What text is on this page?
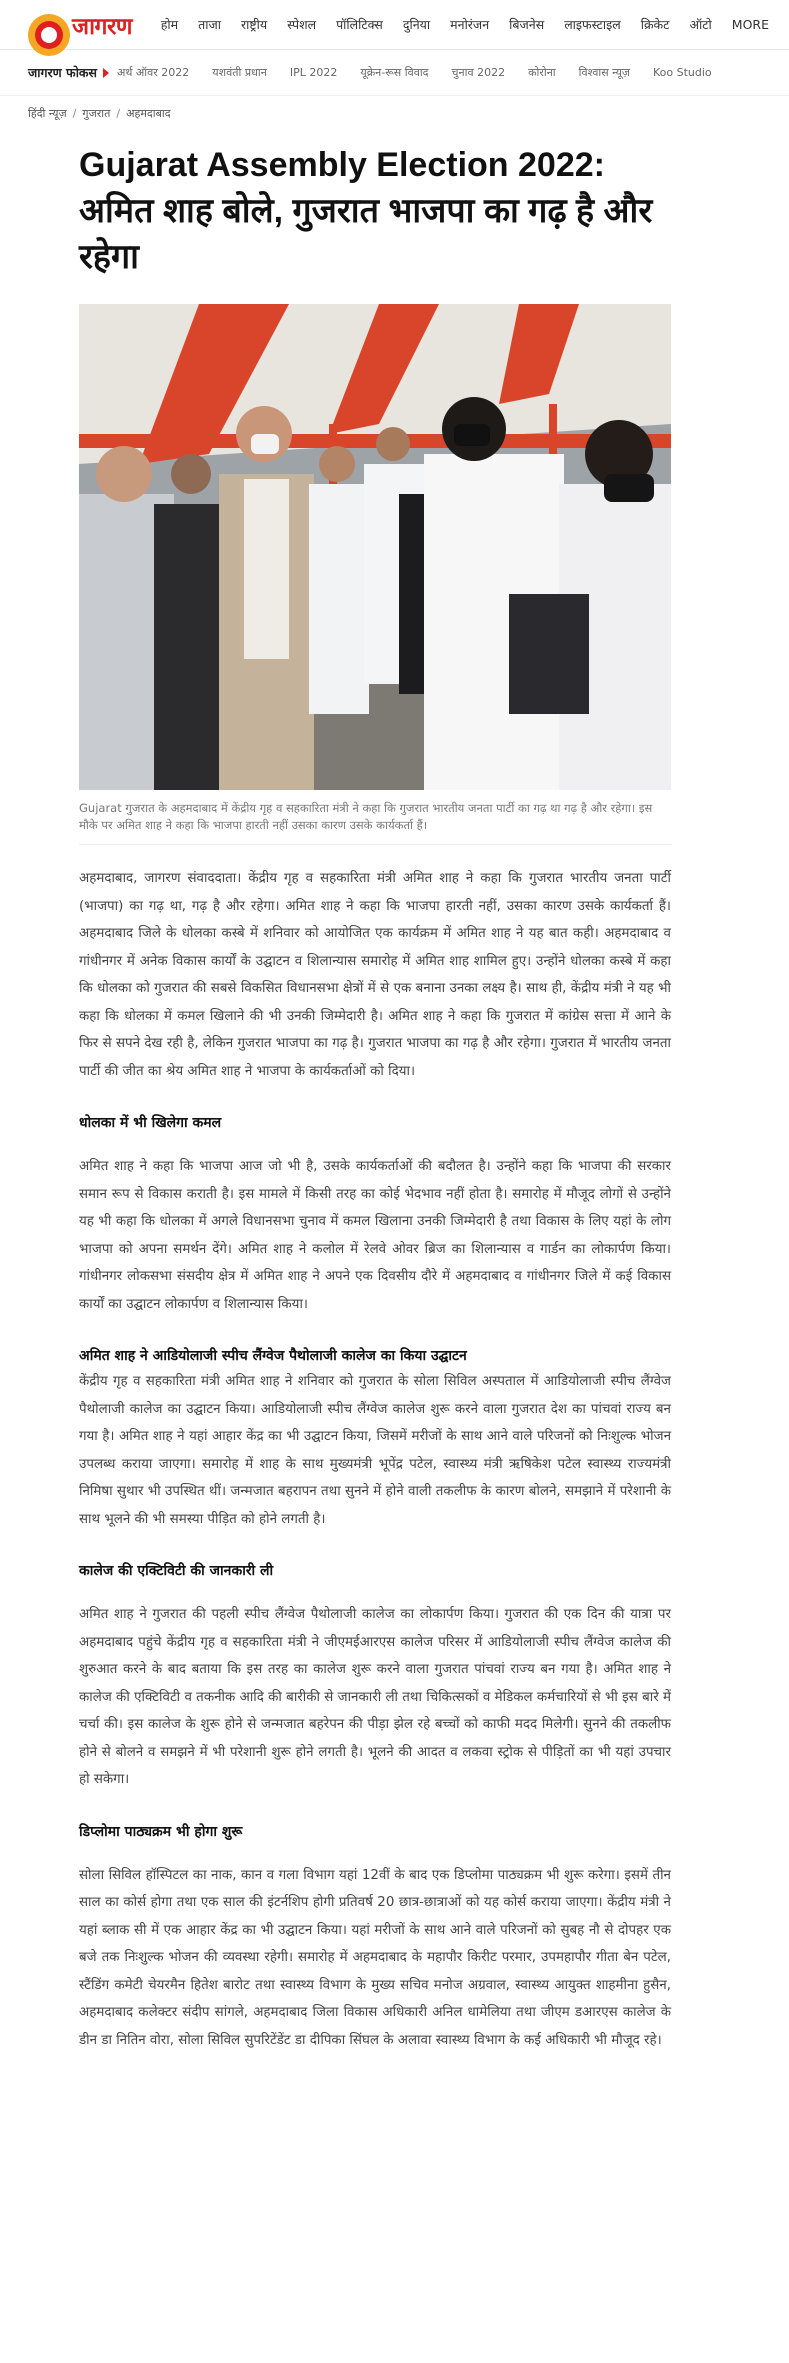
जागरण होम ताजा राष्ट्रीय स्पेशल पॉलिटिक्स दुनिया मनोरंजन बिजनेस लाइफस्टाइल क्रिकेट ऑटो MORE
जागरण फोकस अर्थ ऑवर 2022 यशवंती प्रधान IPL 2022 यूक्रेन-रूस विवाद चुनाव 2022 कोरोना विश्वास न्यूज़ Koo Studio
हिंदी न्यूज़ / गुजरात / अहमदाबाद
Gujarat Assembly Election 2022: अमित शाह बोले, गुजरात भाजपा का गढ़ है और रहेगा

Gujarat गुजरात के अहमदाबाद में केंद्रीय गृह व सहकारिता मंत्री ने कहा कि गुजरात भारतीय जनता पार्टी का गढ़ था गढ़ है और रहेगा। इस मौके पर अमित शाह ने कहा कि भाजपा हारती नहीं उसका कारण उसके कार्यकर्ता हैं।

अहमदाबाद, जागरण संवाददाता। केंद्रीय गृह व सहकारिता मंत्री अमित शाह ने कहा कि गुजरात भारतीय जनता पार्टी (भाजपा) का गढ़ था, गढ़ है और रहेगा। अमित शाह ने कहा कि भाजपा हारती नहीं, उसका कारण उसके कार्यकर्ता हैं। अहमदाबाद जिले के धोलका कस्बे में शनिवार को आयोजित एक कार्यक्रम में अमित शाह ने यह बात कही। अहमदाबाद व गांधीनगर में अनेक विकास कार्यों के उद्घाटन व शिलान्यास समारोह में अमित शाह शामिल हुए। उन्होंने धोलका कस्बे में कहा कि धोलका को गुजरात की सबसे विकसित विधानसभा क्षेत्रों में से एक बनाना उनका लक्ष्य है। साथ ही, केंद्रीय मंत्री ने यह भी कहा कि धोलका में कमल खिलाने की भी उनकी जिम्मेदारी है। अमित शाह ने कहा कि गुजरात में कांग्रेस सत्ता में आने के फिर से सपने देख रही है, लेकिन गुजरात भाजपा का गढ़ है। गुजरात भाजपा का गढ़ है और रहेगा। गुजरात में भारतीय जनता पार्टी की जीत का श्रेय अमित शाह ने भाजपा के कार्यकर्ताओं को दिया।

धोलका में भी खिलेगा कमल

अमित शाह ने कहा कि भाजपा आज जो भी है, उसके कार्यकर्ताओं की बदौलत है। उन्होंने कहा कि भाजपा की सरकार समान रूप से विकास कराती है। इस मामले में किसी तरह का कोई भेदभाव नहीं होता है। समारोह में मौजूद लोगों से उन्होंने यह भी कहा कि धोलका में अगले विधानसभा चुनाव में कमल खिलाना उनकी जिम्मेदारी है तथा विकास के लिए यहां के लोग भाजपा को अपना समर्थन देंगे। अमित शाह ने कलोल में रेलवे ओवर ब्रिज का शिलान्यास व गार्डन का लोकार्पण किया। गांधीनगर लोकसभा संसदीय क्षेत्र में अमित शाह ने अपने एक दिवसीय दौरे में अहमदाबाद व गांधीनगर जिले में कई विकास कार्यों का उद्घाटन लोकार्पण व शिलान्यास किया।

अमित शाह ने आडियोलाजी स्पीच लैंग्वेज पैथोलाजी कालेज का किया उद्घाटन

केंद्रीय गृह व सहकारिता मंत्री अमित शाह ने शनिवार को गुजरात के सोला सिविल अस्पताल में आडियोलाजी स्पीच लैंग्वेज पैथोलाजी कालेज का उद्घाटन किया। आडियोलाजी स्पीच लैंग्वेज कालेज शुरू करने वाला गुजरात देश का पांचवां राज्य बन गया है। अमित शाह ने यहां आहार केंद्र का भी उद्घाटन किया, जिसमें मरीजों के साथ आने वाले परिजनों को निःशुल्क भोजन उपलब्ध कराया जाएगा। समारोह में शाह के साथ मुख्यमंत्री भूपेंद्र पटेल, स्वास्थ्य मंत्री ऋषिकेश पटेल स्वास्थ्य राज्यमंत्री निमिषा सुथार भी उपस्थित थीं। जन्मजात बहरापन तथा सुनने में होने वाली तकलीफ के कारण बोलने, समझाने में परेशानी के साथ भूलने की भी समस्या पीड़ित को होने लगती है।

कालेज की एक्टिविटी की जानकारी ली

अमित शाह ने गुजरात की पहली स्पीच लैंग्वेज पैथोलाजी कालेज का लोकार्पण किया। गुजरात की एक दिन की यात्रा पर अहमदाबाद पहुंचे केंद्रीय गृह व सहकारिता मंत्री ने जीएमईआरएस कालेज परिसर में आडियोलाजी स्पीच लैंग्वेज कालेज की शुरुआत करने के बाद बताया कि इस तरह का कालेज शुरू करने वाला गुजरात पांचवां राज्य बन गया है। अमित शाह ने कालेज की एक्टिविटी व तकनीक आदि की बारीकी से जानकारी ली तथा चिकित्सकों व मेडिकल कर्मचारियों से भी इस बारे में चर्चा की। इस कालेज के शुरू होने से जन्मजात बहरेपन की पीड़ा झेल रहे बच्चों को काफी मदद मिलेगी। सुनने की तकलीफ होने से बोलने व समझने में भी परेशानी शुरू होने लगती है। भूलने की आदत व लकवा स्ट्रोक से पीड़ितों का भी यहां उपचार हो सकेगा।

डिप्लोमा पाठ्यक्रम भी होगा शुरू

सोला सिविल हॉस्पिटल का नाक, कान व गला विभाग यहां 12वीं के बाद एक डिप्लोमा पाठ्यक्रम भी शुरू करेगा। इसमें तीन साल का कोर्स होगा तथा एक साल की इंटर्नशिप होगी प्रतिवर्ष 20 छात्र-छात्राओं को यह कोर्स कराया जाएगा। केंद्रीय मंत्री ने यहां ब्लाक सी में एक आहार केंद्र का भी उद्घाटन किया। यहां मरीजों के साथ आने वाले परिजनों को सुबह नौ से दोपहर एक बजे तक निःशुल्क भोजन की व्यवस्था रहेगी। समारोह में अहमदाबाद के महापौर किरीट परमार, उपमहापौर गीता बेन पटेल, स्टैंडिंग कमेटी चेयरमैन हितेश बारोट तथा स्वास्थ्य विभाग के मुख्य सचिव मनोज अग्रवाल, स्वास्थ्य आयुक्त शाहमीना हुसैन, अहमदाबाद कलेक्टर संदीप सांगले, अहमदाबाद जिला विकास अधिकारी अनिल धामेलिया तथा जीएम डआरएस कालेज के डीन डा नितिन वोरा, सोला सिविल सुपरिटेंडेंट डा दीपिका सिंघल के अलावा स्वास्थ्य विभाग के कई अधिकारी भी मौजूद रहे।
